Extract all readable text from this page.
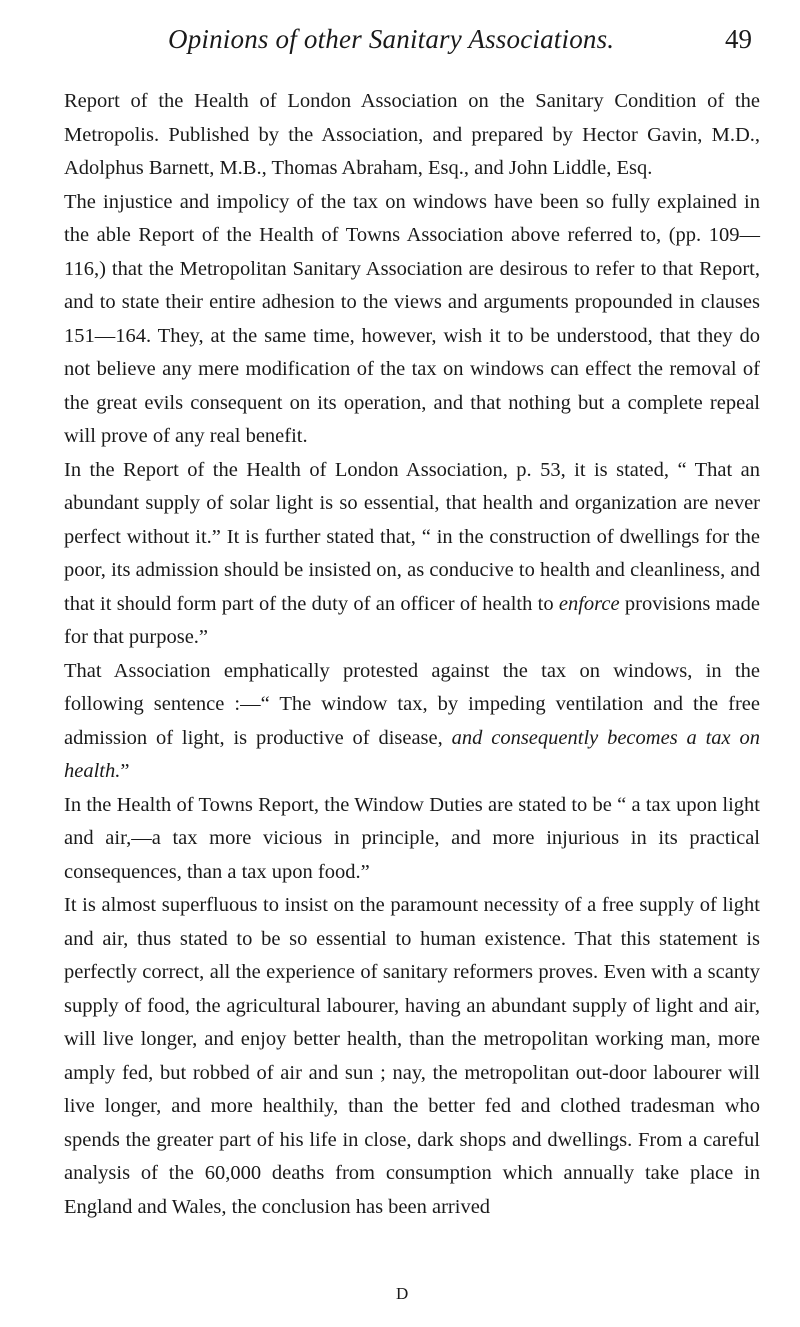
Opinions of other Sanitary Associations.	49

Report of the Health of London Association on the Sanitary Condition of the Metropolis. Published by the Association, and prepared by Hector Gavin, M.D., Adolphus Barnett, M.B., Thomas Abraham, Esq., and John Liddle, Esq.

The injustice and impolicy of the tax on windows have been so fully explained in the able Report of the Health of Towns Association above referred to, (pp. 109—116,) that the Metropolitan Sanitary Association are desirous to refer to that Report, and to state their entire adhesion to the views and arguments propounded in clauses 151—164. They, at the same time, however, wish it to be understood, that they do not believe any mere modification of the tax on windows can effect the removal of the great evils consequent on its operation, and that nothing but a complete repeal will prove of any real benefit.

In the Report of the Health of London Association, p. 53, it is stated, “ That an abundant supply of solar light is so essential, that health and organization are never perfect without it.” It is further stated that, “ in the construction of dwellings for the poor, its admission should be insisted on, as conducive to health and cleanliness, and that it should form part of the duty of an officer of health to enforce provisions made for that purpose.”

That Association emphatically protested against the tax on windows, in the following sentence :—“ The window tax, by impeding ventilation and the free admission of light, is productive of disease, and consequently becomes a tax on health.”

In the Health of Towns Report, the Window Duties are stated to be “ a tax upon light and air,—a tax more vicious in principle, and more injurious in its practical consequences, than a tax upon food.”

It is almost superfluous to insist on the paramount necessity of a free supply of light and air, thus stated to be so essential to human existence. That this statement is perfectly correct, all the experience of sanitary reformers proves. Even with a scanty supply of food, the agricultural labourer, having an abundant supply of light and air, will live longer, and enjoy better health, than the metropolitan working man, more amply fed, but robbed of air and sun ; nay, the metropolitan out-door labourer will live longer, and more healthily, than the better fed and clothed tradesman who spends the greater part of his life in close, dark shops and dwellings. From a careful analysis of the 60,000 deaths from consumption which annually take place in England and Wales, the conclusion has been arrived

D
